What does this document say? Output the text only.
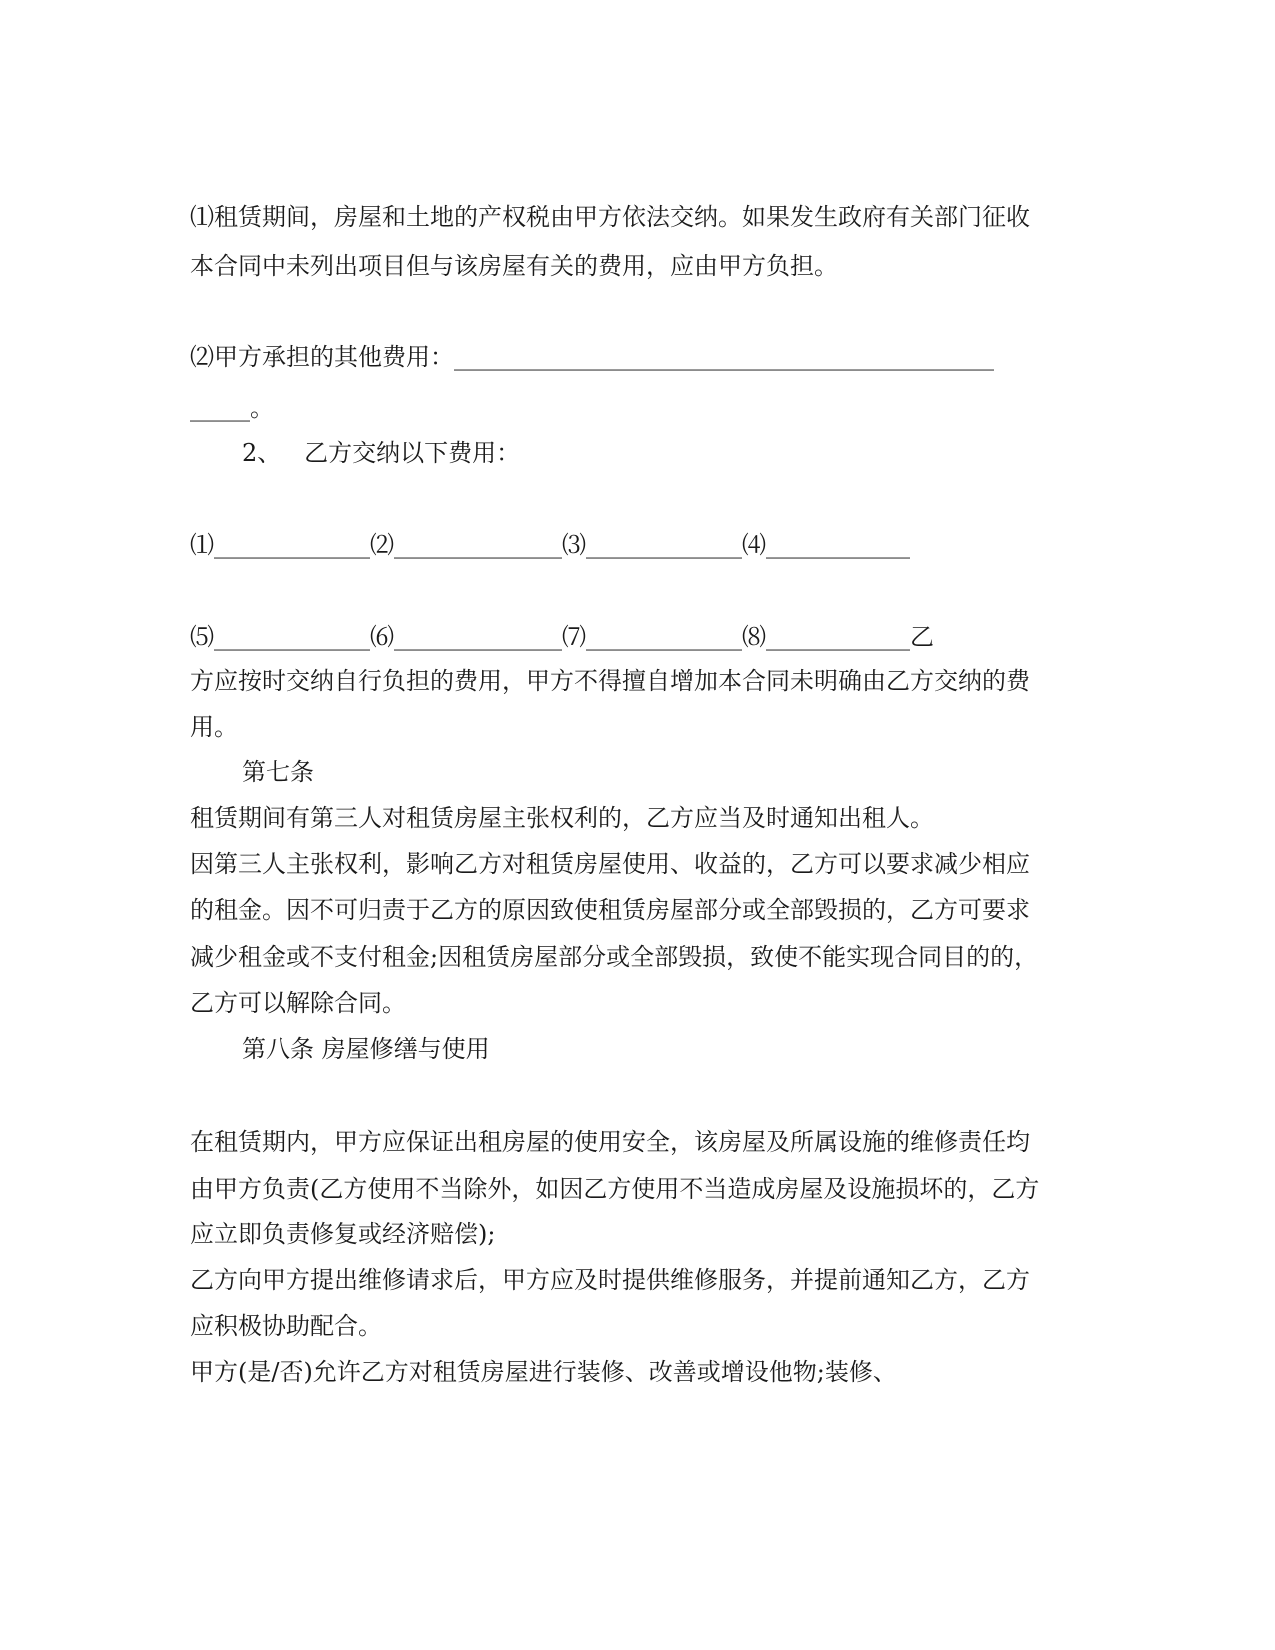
⑴租赁期间，房屋和土地的产权税由甲方依法交纳。如果发生政府有关部门征收
本合同中未列出项目但与该房屋有关的费用，应由甲方负担。
⑵甲方承担的其他费用：_____________________________________________
_____。
2、   乙方交纳以下费用：
⑴_____________⑵______________⑶_____________⑷____________
⑸_____________⑹______________⑺_____________⑻____________乙
方应按时交纳自行负担的费用，甲方不得擅自增加本合同未明确由乙方交纳的费
用。
第七条
租赁期间有第三人对租赁房屋主张权利的，乙方应当及时通知出租人。
因第三人主张权利，影响乙方对租赁房屋使用、收益的，乙方可以要求减少相应
的租金。因不可归责于乙方的原因致使租赁房屋部分或全部毁损的，乙方可要求
减少租金或不支付租金;因租赁房屋部分或全部毁损，致使不能实现合同目的的，
乙方可以解除合同。
第八条 房屋修缮与使用
在租赁期内，甲方应保证出租房屋的使用安全，该房屋及所属设施的维修责任均
由甲方负责(乙方使用不当除外，如因乙方使用不当造成房屋及设施损坏的，乙方
应立即负责修复或经济赔偿);
乙方向甲方提出维修请求后，甲方应及时提供维修服务，并提前通知乙方，乙方
应积极协助配合。
甲方(是/否)允许乙方对租赁房屋进行装修、改善或增设他物;装修、
